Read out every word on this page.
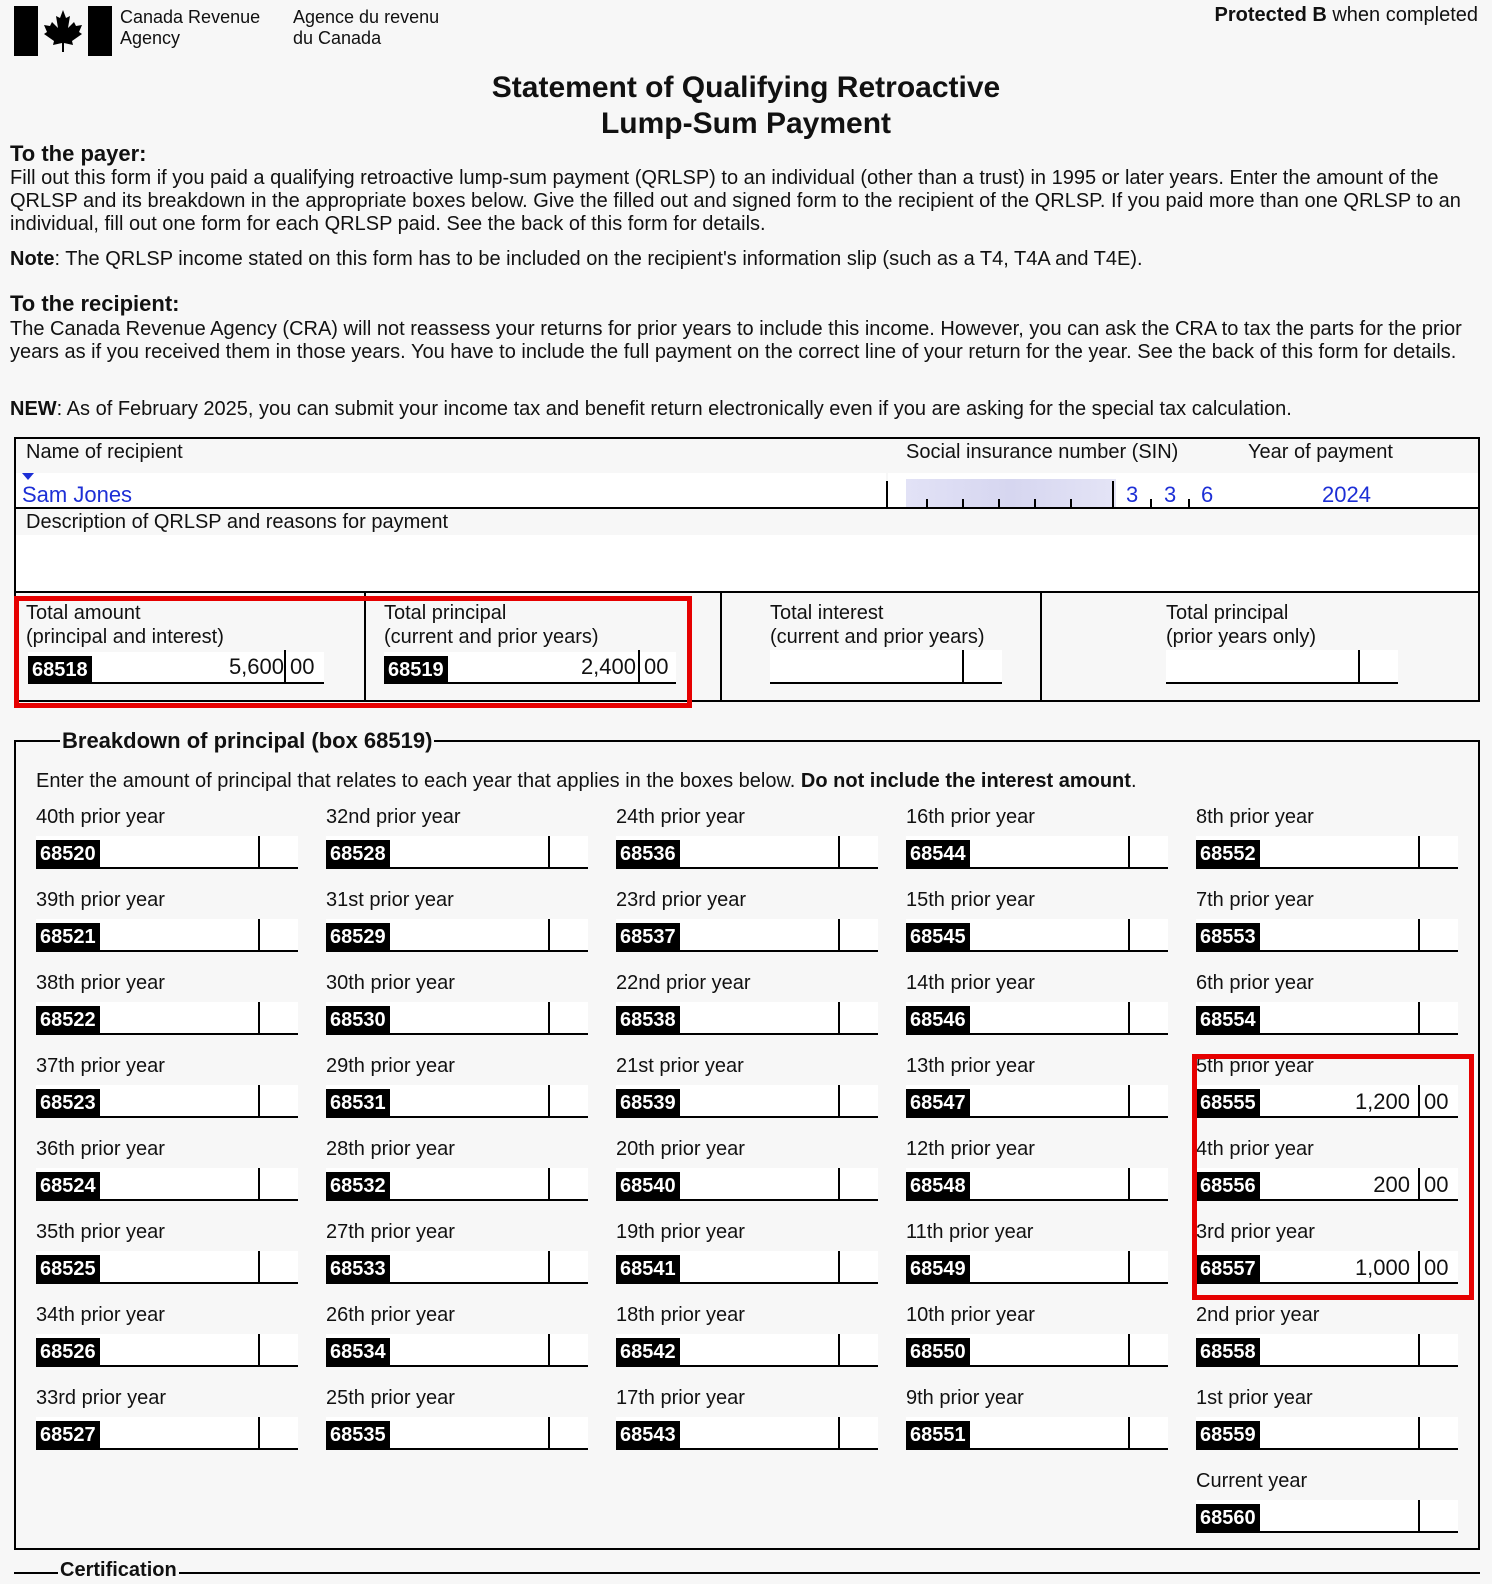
Canada Revenue
Agency
Agence du revenu
du Canada
Protected B when completed
Statement of Qualifying Retroactive
Lump-Sum Payment
To the payer:
Fill out this form if you paid a qualifying retroactive lump-sum payment (QRLSP) to an individual (other than a trust) in 1995 or later years. Enter the amount of the QRLSP and its breakdown in the appropriate boxes below. Give the filled out and signed form to the recipient of the QRLSP. If you paid more than one QRLSP to an individual, fill out one form for each QRLSP paid. See the back of this form for details.
Note: The QRLSP income stated on this form has to be included on the recipient's information slip (such as a T4, T4A and T4E).
To the recipient:
The Canada Revenue Agency (CRA) will not reassess your returns for prior years to include this income. However, you can ask the CRA to tax the parts for the prior years as if you received them in those years. You have to include the full payment on the correct line of your return for the year. See the back of this form for details.
NEW: As of February 2025, you can submit your income tax and benefit return electronically even if you are asking for the special tax calculation.
Name of recipient	Social insurance number (SIN)	Year of payment
Sam Jones	3 3 6	2024
Description of QRLSP and reasons for payment
Total amount
(principal and interest)
68518	5,600 00
Total principal
(current and prior years)
68519	2,400 00
Total interest
(current and prior years)
Total principal
(prior years only)
Breakdown of principal (box 68519)
Enter the amount of principal that relates to each year that applies in the boxes below. Do not include the interest amount.
40th prior year
68520
39th prior year
68521
38th prior year
68522
37th prior year
68523
36th prior year
68524
35th prior year
68525
34th prior year
68526
33rd prior year
68527
32nd prior year
68528
31st prior year
68529
30th prior year
68530
29th prior year
68531
28th prior year
68532
27th prior year
68533
26th prior year
68534
25th prior year
68535
24th prior year
68536
23rd prior year
68537
22nd prior year
68538
21st prior year
68539
20th prior year
68540
19th prior year
68541
18th prior year
68542
17th prior year
68543
16th prior year
68544
15th prior year
68545
14th prior year
68546
13th prior year
68547
12th prior year
68548
11th prior year
68549
10th prior year
68550
9th prior year
68551
8th prior year
68552
7th prior year
68553
6th prior year
68554
5th prior year
68555	1,200 00
4th prior year
68556	200 00
3rd prior year
68557	1,000 00
2nd prior year
68558
1st prior year
68559
Current year
68560
Certification
